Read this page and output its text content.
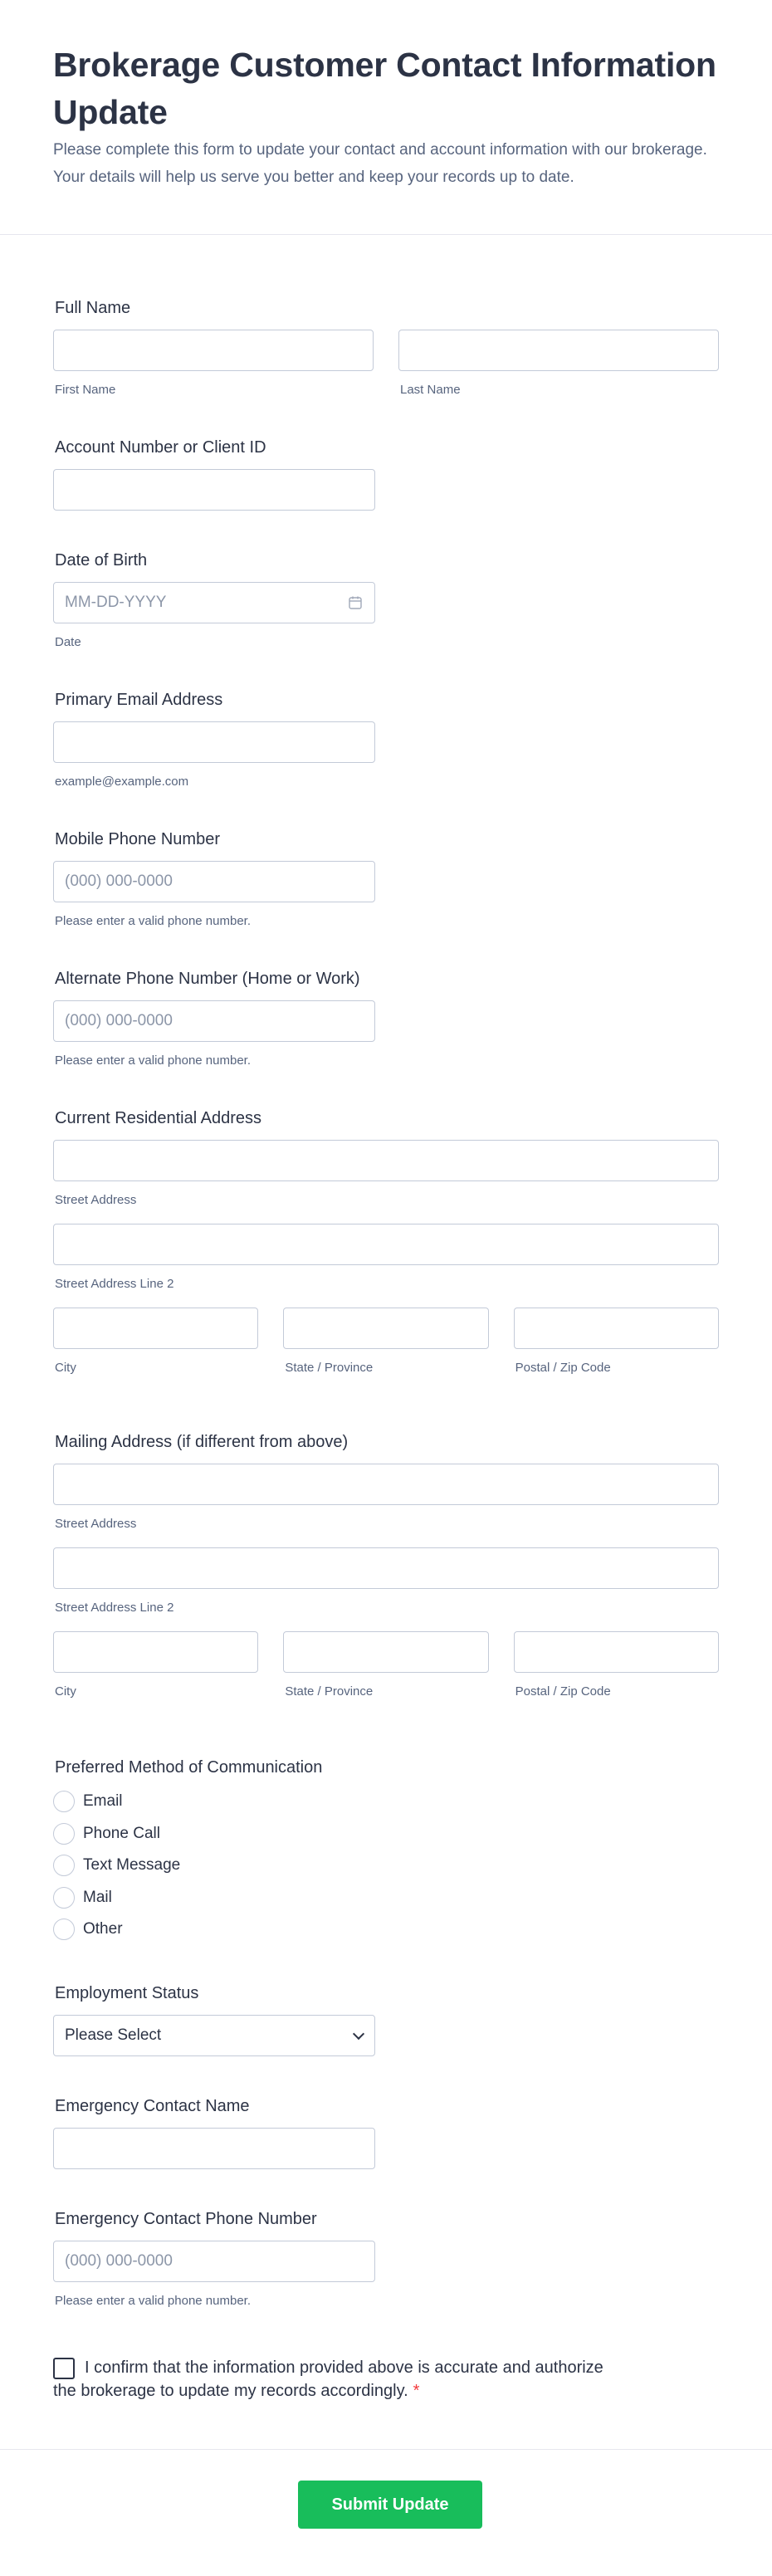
Brokerage Customer Contact Information Update

Please complete this form to update your contact and account information with our brokerage. Your details will help us serve you better and keep your records up to date.

Full Name
First Name	Last Name
Account Number or Client ID
Date of Birth
MM-DD-YYYY
Date
Primary Email Address
example@example.com
Mobile Phone Number
(000) 000-0000
Please enter a valid phone number.
Alternate Phone Number (Home or Work)
(000) 000-0000
Please enter a valid phone number.
Current Residential Address
Street Address
Street Address Line 2
City	State / Province	Postal / Zip Code
Mailing Address (if different from above)
Street Address
Street Address Line 2
City	State / Province	Postal / Zip Code
Preferred Method of Communication
Email
Phone Call
Text Message
Mail
Other
Employment Status
Please Select
Emergency Contact Name
Emergency Contact Phone Number
(000) 000-0000
Please enter a valid phone number.
I confirm that the information provided above is accurate and authorize
the brokerage to update my records accordingly. *
Submit Update
